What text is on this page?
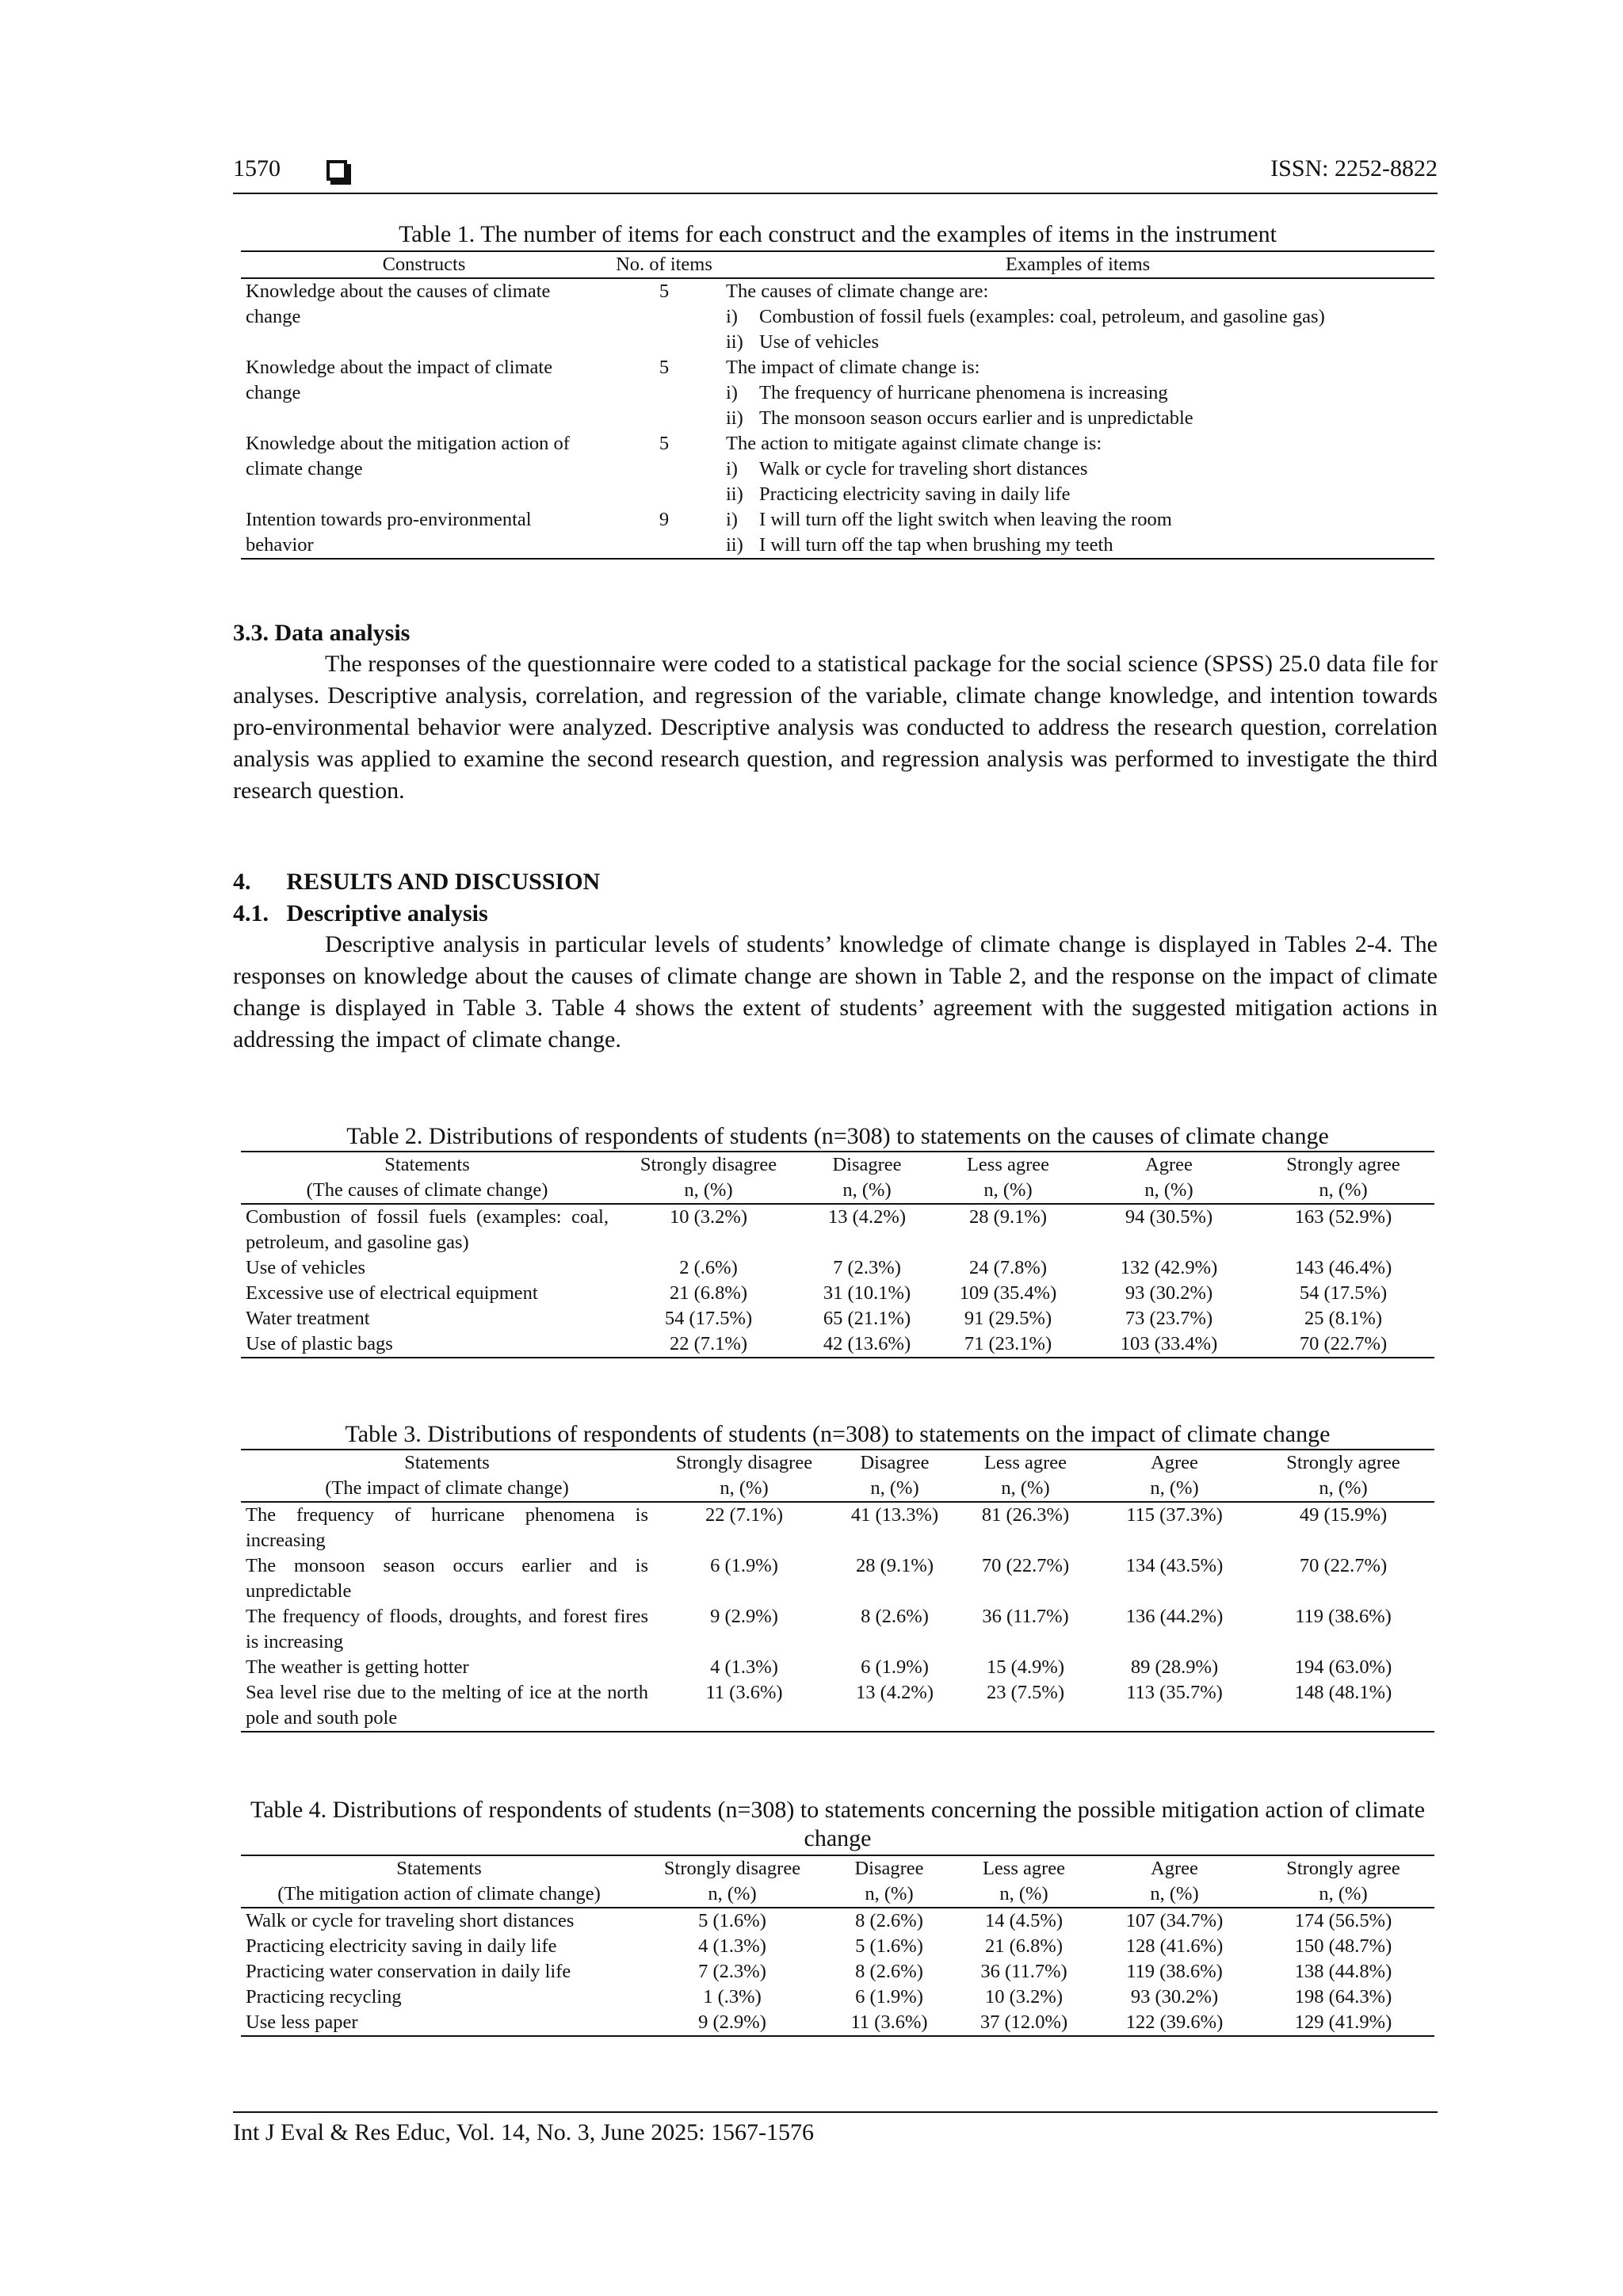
1570	ISSN: 2252-8822
Table 1. The number of items for each construct and the examples of items in the instrument
Constructs	No. of items	Examples of items
Knowledge about the causes of climate change	5	The causes of climate change are:
i) Combustion of fossil fuels (examples: coal, petroleum, and gasoline gas)
ii) Use of vehicles

Knowledge about the impact of climate change	5	The impact of climate change is:
i) The frequency of hurricane phenomena is increasing
ii) The monsoon season occurs earlier and is unpredictable

Knowledge about the mitigation action of climate change	5	The action to mitigate against climate change is:
i) Walk or cycle for traveling short distances
ii) Practicing electricity saving in daily life

Intention towards pro-environmental behavior	9	i) I will turn off the light switch when leaving the room
ii) I will turn off the tap when brushing my teeth
3.3. Data analysis
The responses of the questionnaire were coded to a statistical package for the social science (SPSS) 25.0 data file for analyses. Descriptive analysis, correlation, and regression of the variable, climate change knowledge, and intention towards pro-environmental behavior were analyzed. Descriptive analysis was conducted to address the research question, correlation analysis was applied to examine the second research question, and regression analysis was performed to investigate the third research question.
4.      RESULTS AND DISCUSSION
4.1.   Descriptive analysis
Descriptive analysis in particular levels of students’ knowledge of climate change is displayed in Tables 2-4. The responses on knowledge about the causes of climate change are shown in Table 2, and the response on the impact of climate change is displayed in Table 3. Table 4 shows the extent of students’ agreement with the suggested mitigation actions in addressing the impact of climate change.
Table 2. Distributions of respondents of students (n=308) to statements on the causes of climate change
Statements	Strongly disagree	Disagree	Less agree	Agree	Strongly agree
(The causes of climate change)	n, (%)	n, (%)	n, (%)	n, (%)	n, (%)
Combustion of fossil fuels (examples: coal, petroleum, and gasoline gas)	10 (3.2%)	13 (4.2%)	28 (9.1%)	94 (30.5%)	163 (52.9%)
Use of vehicles	2 (.6%)	7 (2.3%)	24 (7.8%)	132 (42.9%)	143 (46.4%)
Excessive use of electrical equipment	21 (6.8%)	31 (10.1%)	109 (35.4%)	93 (30.2%)	54 (17.5%)
Water treatment	54 (17.5%)	65 (21.1%)	91 (29.5%)	73 (23.7%)	25 (8.1%)
Use of plastic bags	22 (7.1%)	42 (13.6%)	71 (23.1%)	103 (33.4%)	70 (22.7%)
Table 3. Distributions of respondents of students (n=308) to statements on the impact of climate change
Statements	Strongly disagree	Disagree	Less agree	Agree	Strongly agree
(The impact of climate change)	n, (%)	n, (%)	n, (%)	n, (%)	n, (%)
The frequency of hurricane phenomena is increasing	22 (7.1%)	41 (13.3%)	81 (26.3%)	115 (37.3%)	49 (15.9%)
The monsoon season occurs earlier and is unpredictable	6 (1.9%)	28 (9.1%)	70 (22.7%)	134 (43.5%)	70 (22.7%)
The frequency of floods, droughts, and forest fires is increasing	9 (2.9%)	8 (2.6%)	36 (11.7%)	136 (44.2%)	119 (38.6%)
The weather is getting hotter	4 (1.3%)	6 (1.9%)	15 (4.9%)	89 (28.9%)	194 (63.0%)
Sea level rise due to the melting of ice at the north pole and south pole	11 (3.6%)	13 (4.2%)	23 (7.5%)	113 (35.7%)	148 (48.1%)
Table 4. Distributions of respondents of students (n=308) to statements concerning the possible mitigation action of climate change
Statements	Strongly disagree	Disagree	Less agree	Agree	Strongly agree
(The mitigation action of climate change)	n, (%)	n, (%)	n, (%)	n, (%)	n, (%)
Walk or cycle for traveling short distances	5 (1.6%)	8 (2.6%)	14 (4.5%)	107 (34.7%)	174 (56.5%)
Practicing electricity saving in daily life	4 (1.3%)	5 (1.6%)	21 (6.8%)	128 (41.6%)	150 (48.7%)
Practicing water conservation in daily life	7 (2.3%)	8 (2.6%)	36 (11.7%)	119 (38.6%)	138 (44.8%)
Practicing recycling	1 (.3%)	6 (1.9%)	10 (3.2%)	93 (30.2%)	198 (64.3%)
Use less paper	9 (2.9%)	11 (3.6%)	37 (12.0%)	122 (39.6%)	129 (41.9%)
Int J Eval & Res Educ, Vol. 14, No. 3, June 2025: 1567-1576
